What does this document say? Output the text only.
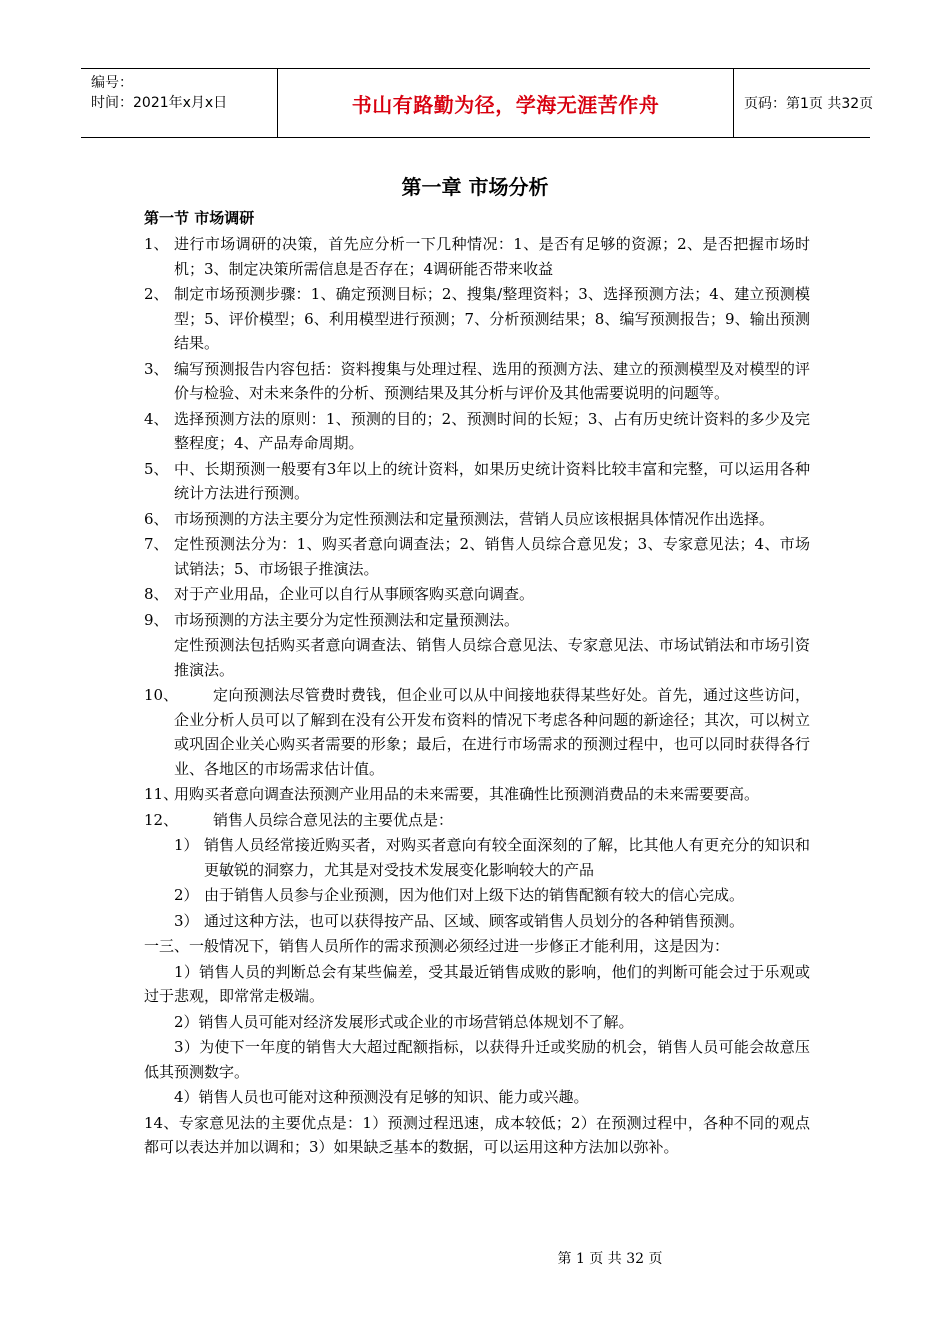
编号：
时间：2021年x月x日	书山有路勤为径，学海无涯苦作舟	页码：第1页 共32页
第一章 市场分析
第一节 市场调研
1、 进行市场调研的决策，首先应分析一下几种情况：1、是否有足够的资源；2、是否把握市场时机；3、制定决策所需信息是否存在；4调研能否带来收益
2、 制定市场预测步骤：1、确定预测目标；2、搜集/整理资料；3、选择预测方法；4、建立预测模型；5、评价模型；6、利用模型进行预测；7、分析预测结果；8、编写预测报告；9、输出预测结果。
3、 编写预测报告内容包括：资料搜集与处理过程、选用的预测方法、建立的预测模型及对模型的评价与检验、对未来条件的分析、预测结果及其分析与评价及其他需要说明的问题等。
4、 选择预测方法的原则：1、预测的目的；2、预测时间的长短；3、占有历史统计资料的多少及完整程度；4、产品寿命周期。
5、 中、长期预测一般要有3年以上的统计资料，如果历史统计资料比较丰富和完整，可以运用各种统计方法进行预测。
6、 市场预测的方法主要分为定性预测法和定量预测法，营销人员应该根据具体情况作出选择。
7、 定性预测法分为：1、购买者意向调查法；2、销售人员综合意见发；3、专家意见法；4、市场试销法；5、市场银子推演法。
8、 对于产业用品，企业可以自行从事顾客购买意向调查。
9、 市场预测的方法主要分为定性预测法和定量预测法。
定性预测法包括购买者意向调查法、销售人员综合意见法、专家意见法、市场试销法和市场引资推演法。
10、	定向预测法尽管费时费钱，但企业可以从中间接地获得某些好处。首先，通过这些访问，企业分析人员可以了解到在没有公开发布资料的情况下考虑各种问题的新途径；其次，可以树立或巩固企业关心购买者需要的形象；最后，在进行市场需求的预测过程中，也可以同时获得各行业、各地区的市场需求估计值。
11、
用购买者意向调查法预测产业用品的未来需要，其准确性比预测消费品的未来需要要高。
12、	销售人员综合意见法的主要优点是：
1） 销售人员经常接近购买者，对购买者意向有较全面深刻的了解，比其他人有更充分的知识和更敏锐的洞察力，尤其是对受技术发展变化影响较大的产品
2） 由于销售人员参与企业预测，因为他们对上级下达的销售配额有较大的信心完成。
3） 通过这种方法，也可以获得按产品、区域、顾客或销售人员划分的各种销售预测。
一三、一般情况下，销售人员所作的需求预测必须经过进一步修正才能利用，这是因为：
1）销售人员的判断总会有某些偏差，受其最近销售成败的影响，他们的判断可能会过于乐观或过于悲观，即常常走极端。
2）销售人员可能对经济发展形式或企业的市场营销总体规划不了解。
3）为使下一年度的销售大大超过配额指标，以获得升迁或奖励的机会，销售人员可能会故意压低其预测数字。
4）销售人员也可能对这种预测没有足够的知识、能力或兴趣。
14、专家意见法的主要优点是：1）预测过程迅速，成本较低；2）在预测过程中，各种不同的观点都可以表达并加以调和；3）如果缺乏基本的数据，可以运用这种方法加以弥补。
第 1 页 共 32 页
